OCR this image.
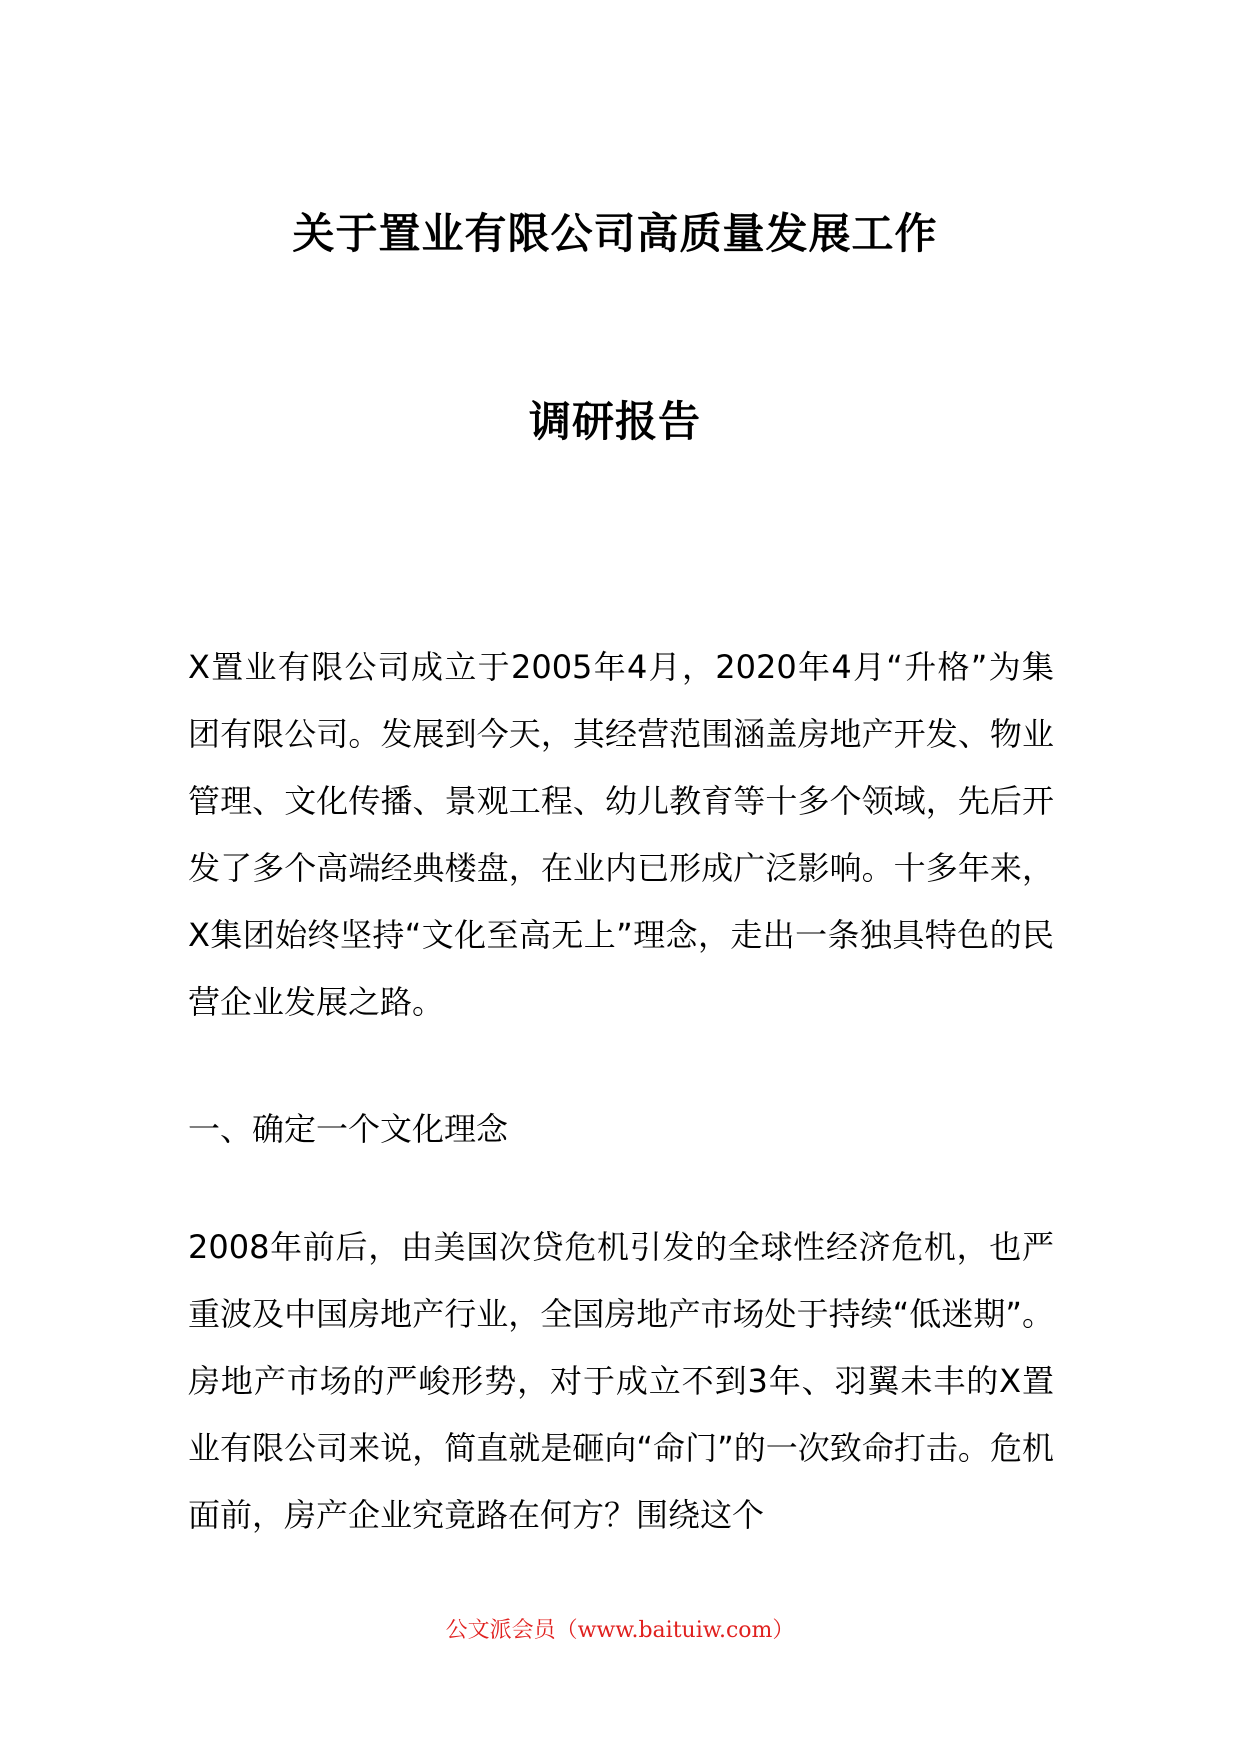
关于置业有限公司高质量发展工作
调研报告
X置业有限公司成立于2005年4月，2020年4月“升格”为集团有限公司。发展到今天，其经营范围涵盖房地产开发、物业管理、文化传播、景观工程、幼儿教育等十多个领域，先后开发了多个高端经典楼盘，在业内已形成广泛影响。十多年来，X集团始终坚持“文化至高无上”理念，走出一条独具特色的民营企业发展之路。
一、确定一个文化理念
2008年前后，由美国次贷危机引发的全球性经济危机，也严重波及中国房地产行业，全国房地产市场处于持续“低迷期”。房地产市场的严峻形势，对于成立不到3年、羽翼未丰的X置业有限公司来说，简直就是砸向“命门”的一次致命打击。危机面前，房产企业究竟路在何方？围绕这个
公文派会员（www.baituiw.com）
